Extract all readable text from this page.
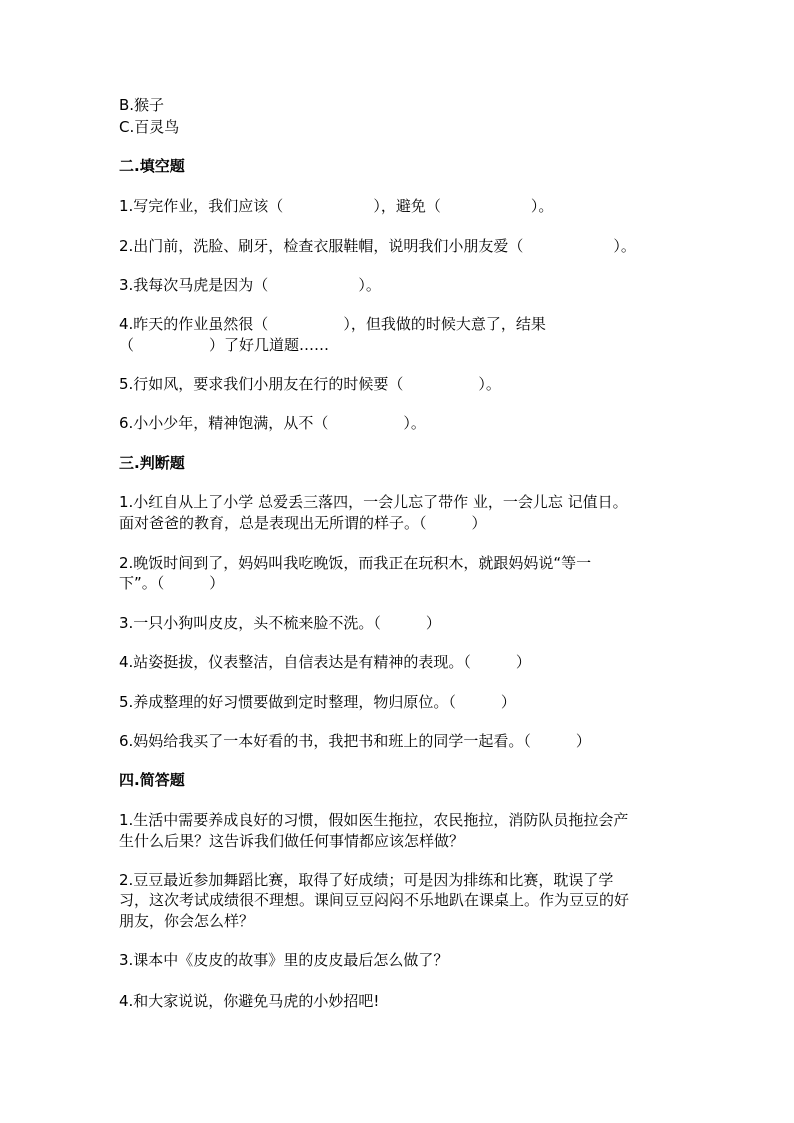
B.猴子
C.百灵鸟
二.填空题
1.写完作业，我们应该（　　　　　　），避免（　　　　　　）。
2.出门前，洗脸、刷牙，检查衣服鞋帽，说明我们小朋友爱（　　　　　　）。
3.我每次马虎是因为（　　　　　　）。
4.昨天的作业虽然很（　　　　　），但我做的时候大意了，结果
（　　　　　）了好几道题……
5.行如风，要求我们小朋友在行的时候要（　　　　　）。
6.小小少年，精神饱满，从不（　　　　　）。
三.判断题
1.小红自从上了小学 总爱丢三落四，一会儿忘了带作 业，一会儿忘 记值日。
面对爸爸的教育，总是表现出无所谓的样子。（　　　）
2.晚饭时间到了，妈妈叫我吃晚饭，而我正在玩积木，就跟妈妈说“等一
下”。（　　　）
3.一只小狗叫皮皮，头不梳来脸不洗。（　　　）
4.站姿挺拔，仪表整洁，自信表达是有精神的表现。（　　　）
5.养成整理的好习惯要做到定时整理，物归原位。（　　　）
6.妈妈给我买了一本好看的书，我把书和班上的同学一起看。（　　　）
四.简答题
1.生活中需要养成良好的习惯，假如医生拖拉，农民拖拉，消防队员拖拉会产
生什么后果？这告诉我们做任何事情都应该怎样做？
2.豆豆最近参加舞蹈比赛，取得了好成绩；可是因为排练和比赛，耽误了学
习，这次考试成绩很不理想。课间豆豆闷闷不乐地趴在课桌上。作为豆豆的好
朋友，你会怎么样？
3.课本中《皮皮的故事》里的皮皮最后怎么做了？
4.和大家说说，你避免马虎的小妙招吧!
